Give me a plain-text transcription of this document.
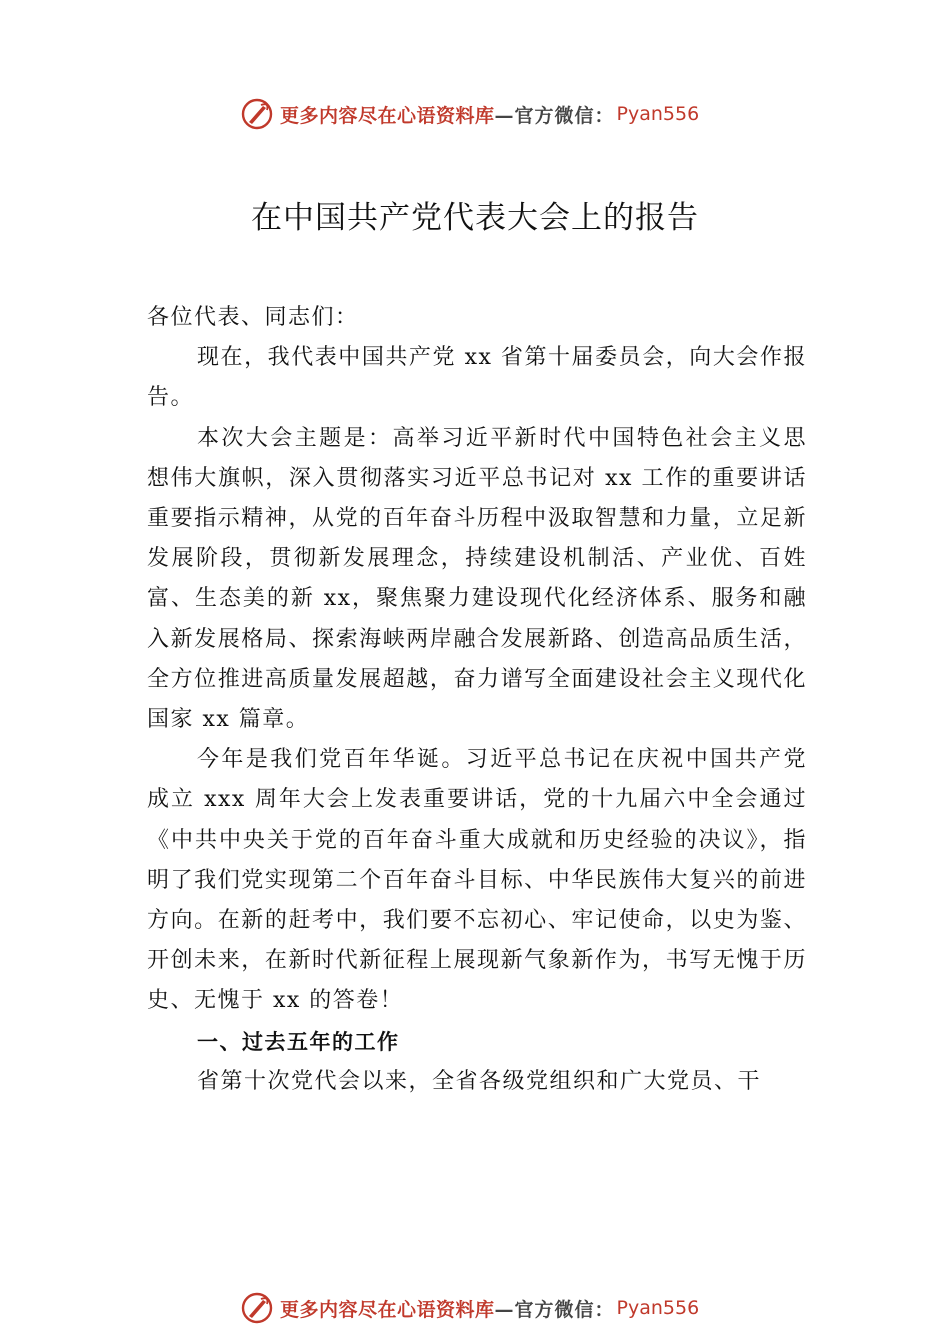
更多内容尽在心语资料库 —官方微信： Pyan556
在中国共产党代表大会上的报告

各位代表、同志们：

现在，我代表中国共产党 xx 省第十届委员会，向大会作报告。

本次大会主题是：高举习近平新时代中国特色社会主义思想伟大旗帜，深入贯彻落实习近平总书记对 xx 工作的重要讲话重要指示精神，从党的百年奋斗历程中汲取智慧和力量，立足新发展阶段，贯彻新发展理念，持续建设机制活、产业优、百姓富、生态美的新 xx，聚焦聚力建设现代化经济体系、服务和融入新发展格局、探索海峡两岸融合发展新路、创造高品质生活，全方位推进高质量发展超越，奋力谱写全面建设社会主义现代化国家 xx 篇章。

今年是我们党百年华诞。习近平总书记在庆祝中国共产党成立 xxx 周年大会上发表重要讲话，党的十九届六中全会通过《中共中央关于党的百年奋斗重大成就和历史经验的决议》，指明了我们党实现第二个百年奋斗目标、中华民族伟大复兴的前进方向。在新的赶考中，我们要不忘初心、牢记使命，以史为鉴、开创未来，在新时代新征程上展现新气象新作为，书写无愧于历史、无愧于 xx 的答卷！

一、过去五年的工作

省第十次党代会以来，全省各级党组织和广大党员、干

更多内容尽在心语资料库 —官方微信： Pyan556
